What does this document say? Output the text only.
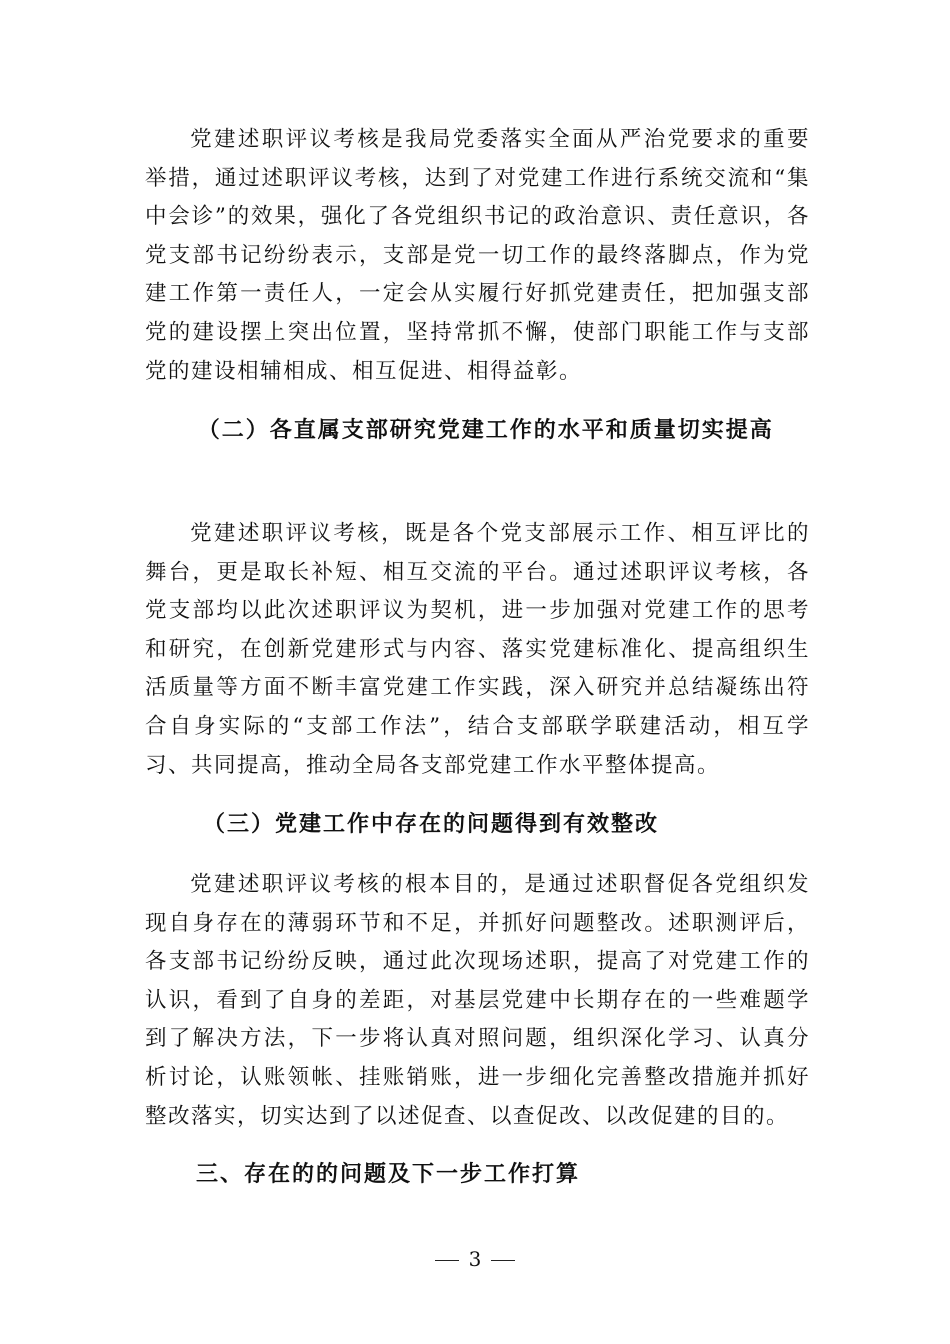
党建述职评议考核是我局党委落实全面从严治党要求的重要举措，通过述职评议考核，达到了对党建工作进行系统交流和“集中会诊”的效果，强化了各党组织书记的政治意识、责任意识，各党支部书记纷纷表示，支部是党一切工作的最终落脚点，作为党建工作第一责任人，一定会从实履行好抓党建责任，把加强支部党的建设摆上突出位置，坚持常抓不懈，使部门职能工作与支部党的建设相辅相成、相互促进、相得益彰。

（二）各直属支部研究党建工作的水平和质量切实提高

党建述职评议考核，既是各个党支部展示工作、相互评比的舞台，更是取长补短、相互交流的平台。通过述职评议考核，各党支部均以此次述职评议为契机，进一步加强对党建工作的思考和研究，在创新党建形式与内容、落实党建标准化、提高组织生活质量等方面不断丰富党建工作实践，深入研究并总结凝练出符合自身实际的“支部工作法”，结合支部联学联建活动，相互学习、共同提高，推动全局各支部党建工作水平整体提高。

（三）党建工作中存在的问题得到有效整改

党建述职评议考核的根本目的，是通过述职督促各党组织发现自身存在的薄弱环节和不足，并抓好问题整改。述职测评后，各支部书记纷纷反映，通过此次现场述职，提高了对党建工作的认识，看到了自身的差距，对基层党建中长期存在的一些难题学到了解决方法，下一步将认真对照问题，组织深化学习、认真分析讨论，认账领帐、挂账销账，进一步细化完善整改措施并抓好整改落实，切实达到了以述促查、以查促改、以改促建的目的。

三、存在的的问题及下一步工作打算
3
